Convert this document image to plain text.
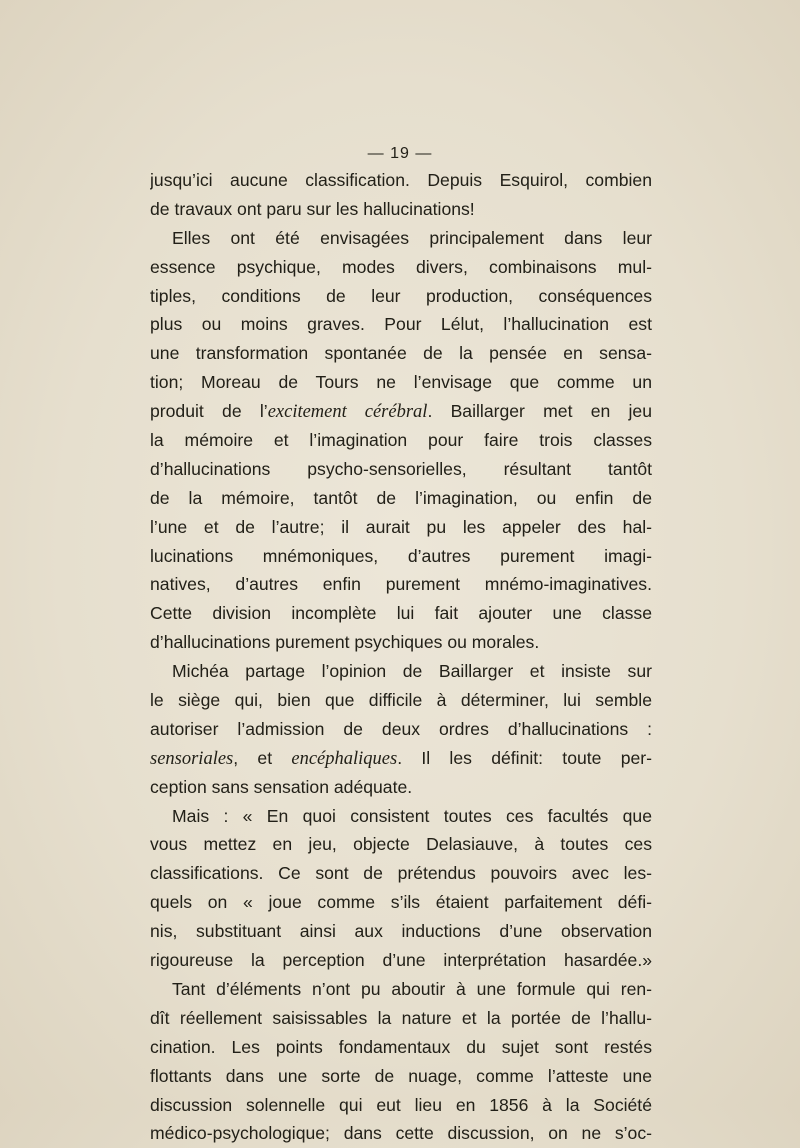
— 19 —
jusqu’ici aucune classification. Depuis Esquirol, combien
de travaux ont paru sur les hallucinations!
Elles ont été envisagées principalement dans leur
essence psychique, modes divers, combinaisons mul-
tiples, conditions de leur production, conséquences
plus ou moins graves. Pour Lélut, l’hallucination est
une transformation spontanée de la pensée en sensa-
tion; Moreau de Tours ne l’envisage que comme un
produit de l’excitement cérébral. Baillarger met en jeu
la mémoire et l’imagination pour faire trois classes
d’hallucinations psycho-sensorielles, résultant tantôt
de la mémoire, tantôt de l’imagination, ou enfin de
l’une et de l’autre; il aurait pu les appeler des hal-
lucinations mnémoniques, d’autres purement imagi-
natives, d’autres enfin purement mnémo-imaginatives.
Cette division incomplète lui fait ajouter une classe
d’hallucinations purement psychiques ou morales.
Michéa partage l’opinion de Baillarger et insiste sur
le siège qui, bien que difficile à déterminer, lui semble
autoriser l’admission de deux ordres d’hallucinations :
sensoriales, et encéphaliques. Il les définit: toute per-
ception sans sensation adéquate.
Mais : « En quoi consistent toutes ces facultés que
vous mettez en jeu, objecte Delasiauve, à toutes ces
classifications. Ce sont de prétendus pouvoirs avec les-
quels on « joue comme s’ils étaient parfaitement défi-
nis, substituant ainsi aux inductions d’une observation
rigoureuse la perception d’une interprétation hasardée.»
Tant d’éléments n’ont pu aboutir à une formule qui ren-
dît réellement saisissables la nature et la portée de l’hallu-
cination. Les points fondamentaux du sujet sont restés
flottants dans une sorte de nuage, comme l’atteste une
discussion solennelle qui eut lieu en 1856 à la Société
médico-psychologique; dans cette discussion, on ne s’oc-
